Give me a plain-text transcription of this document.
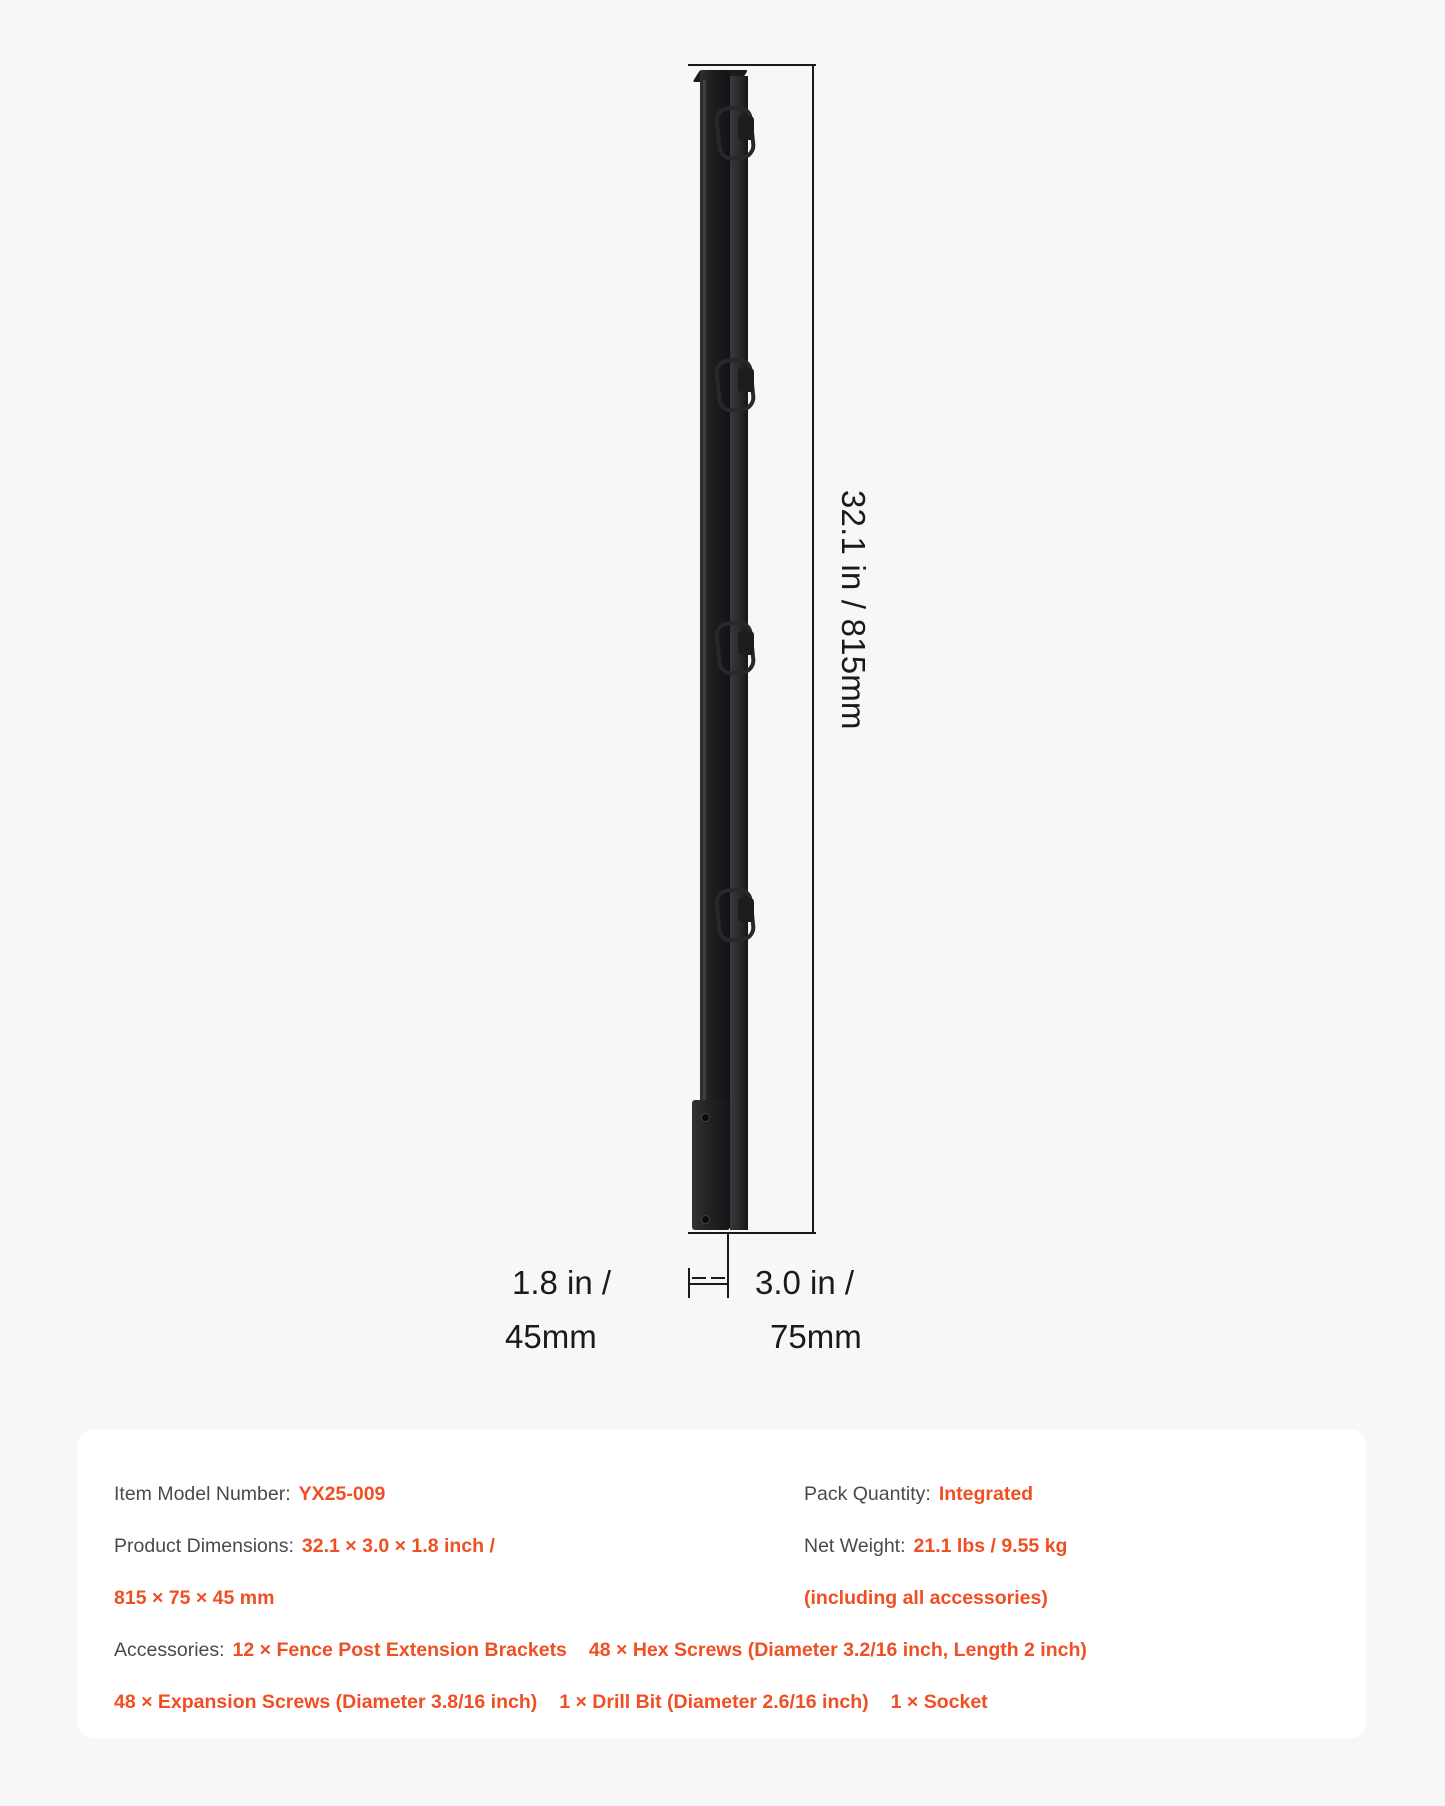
32.1 in / 815mm
3.0 in /
75mm
1.8 in /
45mm
Item Model Number: YX25-009	Pack Quantity: Integrated
Product Dimensions: 32.1 × 3.0 × 1.8 inch /	Net Weight: 21.1 lbs / 9.55 kg
815 × 75 × 45 mm	(including all accessories)
Accessories: 12 × Fence Post Extension Brackets 48 × Hex Screws (Diameter 3.2/16 inch, Length 2 inch)
48 × Expansion Screws (Diameter 3.8/16 inch) 1 × Drill Bit (Diameter 2.6/16 inch) 1 × Socket
